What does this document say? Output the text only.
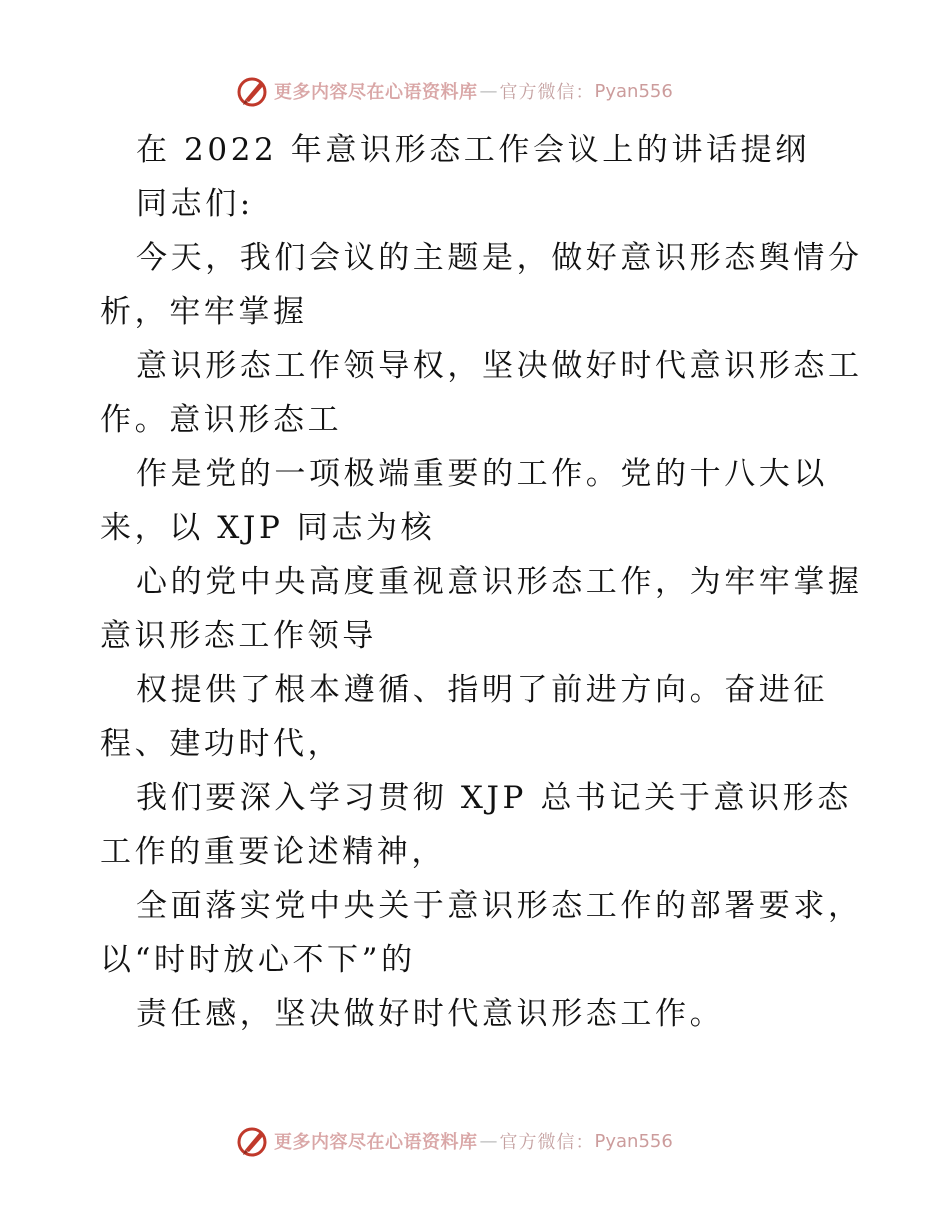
更多内容尽在心语资料库 — 官方微信： Pyan556
在 2022 年意识形态工作会议上的讲话提纲
同志们:
今天，我们会议的主题是，做好意识形态舆情分
析，牢牢掌握
意识形态工作领导权，坚决做好时代意识形态工
作。意识形态工
作是党的一项极端重要的工作。党的十八大以
来，以 XJP 同志为核
心的党中央高度重视意识形态工作，为牢牢掌握
意识形态工作领导
权提供了根本遵循、指明了前进方向。奋进征
程、建功时代，
我们要深入学习贯彻 XJP 总书记关于意识形态
工作的重要论述精神，
全面落实党中央关于意识形态工作的部署要求，
以“时时放心不下”的
责任感，坚决做好时代意识形态工作。
更多内容尽在心语资料库 — 官方微信： Pyan556
